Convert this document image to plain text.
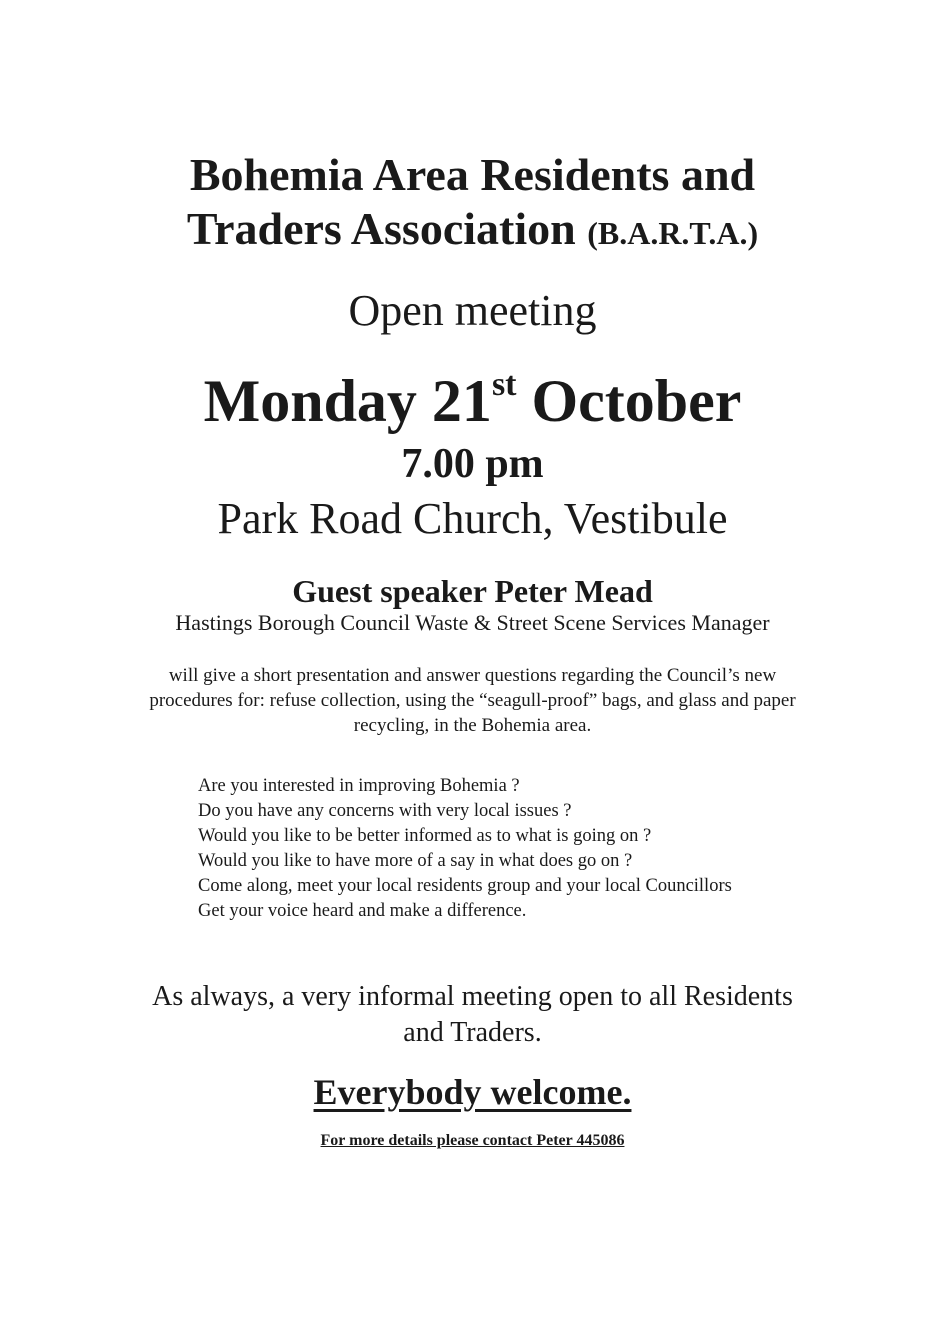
Bohemia Area Residents and
Traders Association (B.A.R.T.A.)
Open meeting
Monday 21st October
7.00 pm
Park Road Church, Vestibule
Guest speaker Peter Mead
Hastings Borough Council Waste & Street Scene Services Manager
will give a short presentation and answer questions regarding the Council’s new
procedures for: refuse collection, using the “seagull-proof” bags, and glass and paper
recycling, in the Bohemia area.
Are you interested in improving Bohemia ?
Do you have any concerns with very local issues ?
Would you like to be better informed as to what is going on ?
Would you like to have more of a say in what does go on ?
Come along, meet your local residents group and your local Councillors
Get your voice heard and make a difference.
As always, a very informal meeting open to all Residents
and Traders.
Everybody welcome.
For more details please contact Peter 445086
